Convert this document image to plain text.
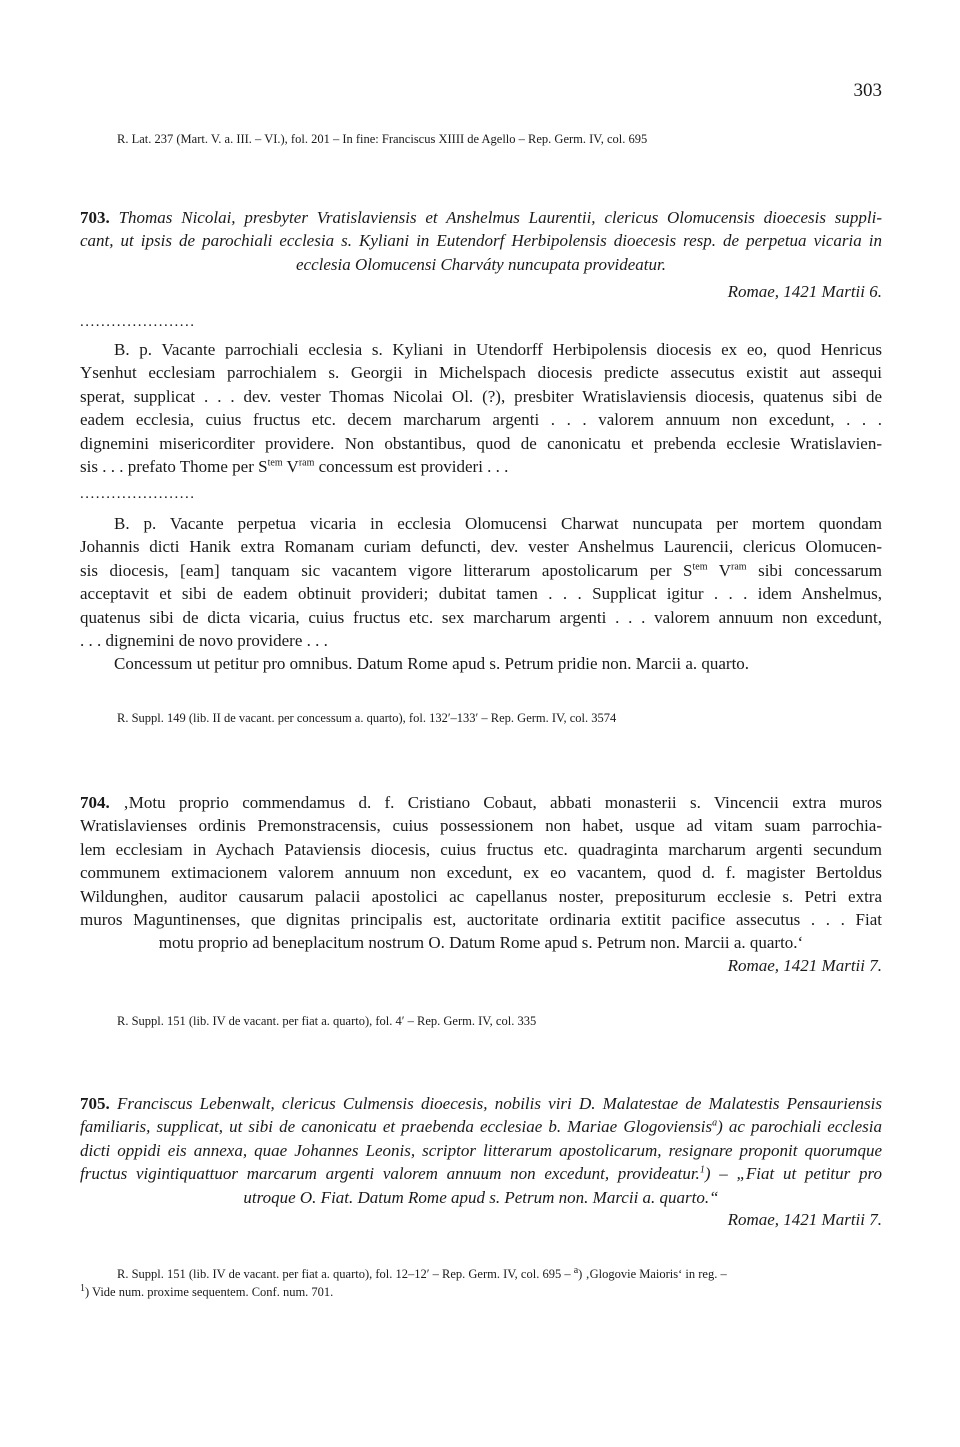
303
R. Lat. 237 (Mart. V. a. III. – VI.), fol. 201 – In fine: Franciscus XIIII de Agello – Rep. Germ. IV, col. 695
703. Thomas Nicolai, presbyter Vratislaviensis et Anshelmus Laurentii, clericus Olomucensis dioecesis suppli-
cant, ut ipsis de parochiali ecclesia s. Kyliani in Eutendorf Herbipolensis dioecesis resp. de perpetua vicaria in
ecclesia Olomucensi Charváty nuncupata provideatur.
Romae, 1421 Martii 6.
......................
B. p. Vacante parrochiali ecclesia s. Kyliani in Utendorff Herbipolensis diocesis ex eo, quod Henricus
Ysenhut ecclesiam parrochialem s. Georgii in Michelspach diocesis predicte assecutus existit aut assequi
sperat, supplicat . . . dev. vester Thomas Nicolai Ol. (?), presbiter Wratislaviensis diocesis, quatenus sibi de
eadem ecclesia, cuius fructus etc. decem marcharum argenti . . . valorem annuum non excedunt, . . .
dignemini misericorditer providere. Non obstantibus, quod de canonicatu et prebenda ecclesie Wratislavien-
sis . . . prefato Thome per $S^{tem}$ $V^{ram}$ concessum est provideri . . .
......................
B. p. Vacante perpetua vicaria in ecclesia Olomucensi Charwat nuncupata per mortem quondam
Johannis dicti Hanik extra Romanam curiam defuncti, dev. vester Anshelmus Laurencii, clericus Olomucen-
sis diocesis, [eam] tanquam sic vacantem vigore litterarum apostolicarum per $S^{tem}$ $V^{ram}$ sibi concessarum
acceptavit et sibi de eadem obtinuit provideri; dubitat tamen . . . Supplicat igitur . . . idem Anshelmus,
quatenus sibi de dicta vicaria, cuius fructus etc. sex marcharum argenti . . . valorem annuum non excedunt,
. . . dignemini de novo providere . . .
Concessum ut petitur pro omnibus. Datum Rome apud s. Petrum pridie non. Marcii a. quarto.
R. Suppl. 149 (lib. II de vacant. per concessum a. quarto), fol. 132′–133′ – Rep. Germ. IV, col. 3574
704. ‚Motu proprio commendamus d. f. Cristiano Cobaut, abbati monasterii s. Vincencii extra muros
Wratislavienses ordinis Premonstracensis, cuius possessionem non habet, usque ad vitam suam parrochia-
lem ecclesiam in Aychach Pataviensis diocesis, cuius fructus etc. quadraginta marcharum argenti secundum
communem extimacionem valorem annuum non excedunt, ex eo vacantem, quod d. f. magister Bertoldus
Wildunghen, auditor causarum palacii apostolici ac capellanus noster, prepositurum ecclesie s. Petri extra
muros Maguntinenses, que dignitas principalis est, auctoritate ordinaria extitit pacifice assecutus . . . Fiat
motu proprio ad beneplacitum nostrum O. Datum Rome apud s. Petrum non. Marcii a. quarto.‘
Romae, 1421 Martii 7.
R. Suppl. 151 (lib. IV de vacant. per fiat a. quarto), fol. 4′ – Rep. Germ. IV, col. 335
705. Franciscus Lebenwalt, clericus Culmensis dioecesis, nobilis viri D. Malatestae de Malatestis Pensauriensis
familiaris, supplicat, ut sibi de canonicatu et praebenda ecclesiae b. Mariae Glogoviensis$^a$) ac parochiali ecclesia
dicti oppidi eis annexa, quae Johannes Leonis, scriptor litterarum apostolicarum, resignare proponit quorumque
fructus vigintiquattuor marcarum argenti valorem annuum non excedunt, provideatur.$^1$) – „Fiat ut petitur pro
utroque O. Fiat. Datum Rome apud s. Petrum non. Marcii a. quarto.“
Romae, 1421 Martii 7.
R. Suppl. 151 (lib. IV de vacant. per fiat a. quarto), fol. 12–12′ – Rep. Germ. IV, col. 695 – $^a$) ‚Glogovie Maioris‘ in reg. –
$^1$) Vide num. proxime sequentem. Conf. num. 701.
